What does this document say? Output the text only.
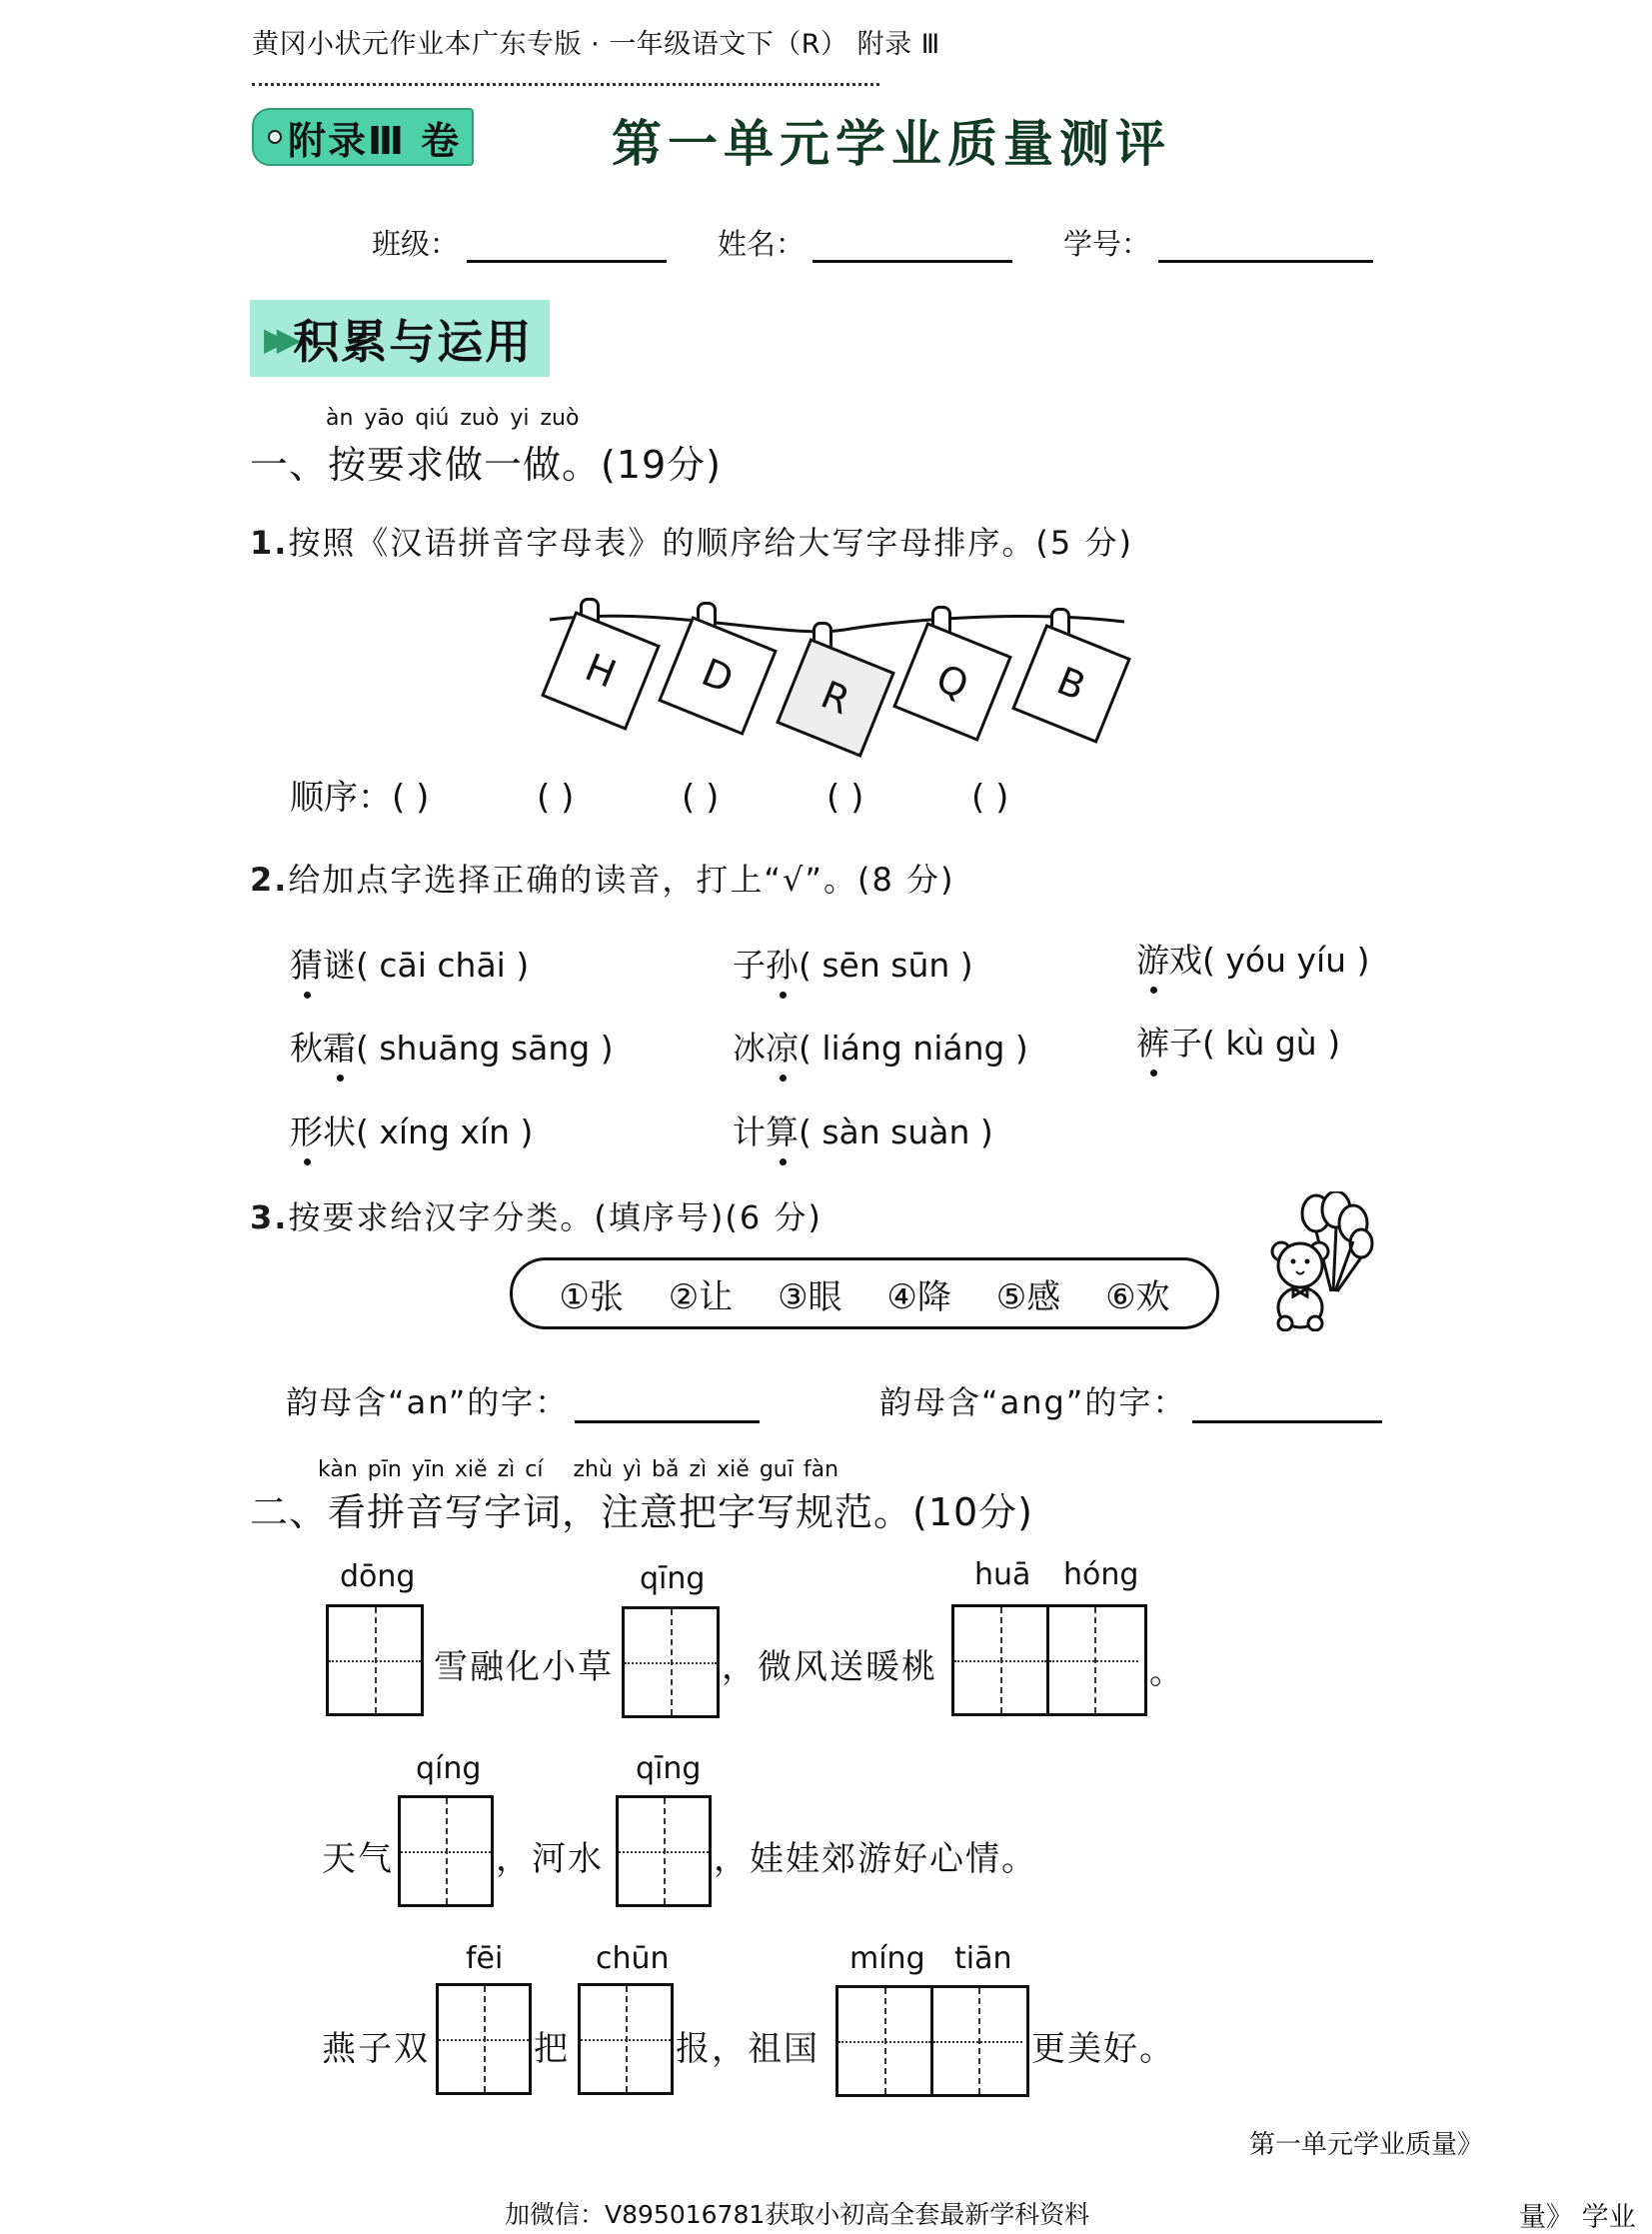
黄冈小状元作业本广东专版 · 一年级语文下（R） 附录 Ⅲ
附录Ⅲ 卷	第一单元学业质量测评
班级：	姓名：	学号：
▶▶ 积累与运用
àn yāo qiú zuò yi zuò
一、按要求做一做。(19分)
1.按照《汉语拼音字母表》的顺序给大写字母排序。(5 分)
H	D	R	Q	B
顺序：( )	( )	( )	( )	( )
2.给加点字选择正确的读音，打上“√”。(8 分)
猜谜( cāi chāi )	子孙( sēn sūn )	游戏( yóu yíu )
秋霜( shuāng sāng )	冰凉( liáng niáng )	裤子( kù gù )
形状( xíng xín )	计算( sàn suàn )
3.按要求给汉字分类。(填序号)(6 分)
①张 ②让 ③眼 ④降 ⑤感 ⑥欢
韵母含“an”的字：	韵母含“ang”的字：
kàn pīn yīn xiě zì cí zhù yì bǎ zì xiě guī fàn
二、看拼音写字词，注意把字写规范。(10分)
dōng
雪融化小草
qīng
，微风送暖桃
huā hóng
。
天气
qíng
，河水
qīng
，娃娃郊游好心情。
燕子双
fēi
把
chūn
报，祖国
míng tiān
更美好。
第一单元学业质量》
加微信：V895016781获取小初高全套最新学科资料	量》 学业
